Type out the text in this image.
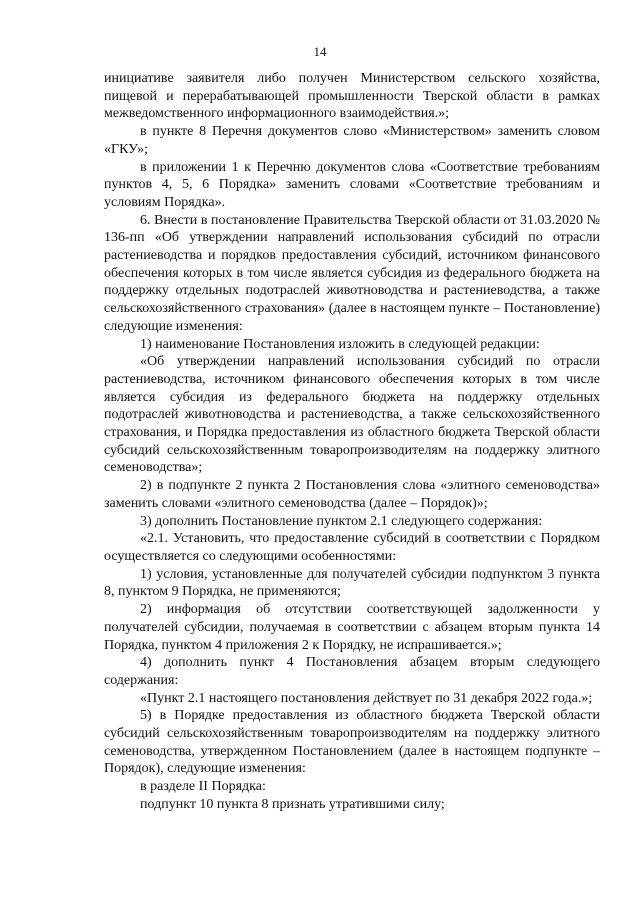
14

инициативе заявителя либо получен Министерством сельского хозяйства, пищевой и перерабатывающей промышленности Тверской области в рамках межведомственного информационного взаимодействия.»;

в пункте 8 Перечня документов слово «Министерством» заменить словом «ГКУ»;

в приложении 1 к Перечню документов слова «Соответствие требованиям пунктов 4, 5, 6 Порядка» заменить словами «Соответствие требованиям и условиям Порядка».

6. Внести в постановление Правительства Тверской области от 31.03.2020 № 136-пп «Об утверждении направлений использования субсидий по отрасли растениеводства и порядков предоставления субсидий, источником финансового обеспечения которых в том числе является субсидия из федерального бюджета на поддержку отдельных подотраслей животноводства и растениеводства, а также сельскохозяйственного страхования» (далее в настоящем пункте – Постановление) следующие изменения:

1) наименование Постановления изложить в следующей редакции:

«Об утверждении направлений использования субсидий по отрасли растениеводства, источником финансового обеспечения которых в том числе является субсидия из федерального бюджета на поддержку отдельных подотраслей животноводства и растениеводства, а также сельскохозяйственного страхования, и Порядка предоставления из областного бюджета Тверской области субсидий сельскохозяйственным товаропроизводителям на поддержку элитного семеноводства»;

2) в подпункте 2 пункта 2 Постановления слова «элитного семеноводства» заменить словами «элитного семеноводства (далее – Порядок)»;

3) дополнить Постановление пунктом 2.1 следующего содержания:

«2.1. Установить, что предоставление субсидий в соответствии с Порядком осуществляется со следующими особенностями:

1) условия, установленные для получателей субсидии подпунктом 3 пункта 8, пунктом 9 Порядка, не применяются;

2) информация об отсутствии соответствующей задолженности у получателей субсидии, получаемая в соответствии с абзацем вторым пункта 14 Порядка, пунктом 4 приложения 2 к Порядку, не испрашивается.»;

4) дополнить пункт 4 Постановления абзацем вторым следующего содержания:

«Пункт 2.1 настоящего постановления действует по 31 декабря 2022 года.»;

5) в Порядке предоставления из областного бюджета Тверской области субсидий сельскохозяйственным товаропроизводителям на поддержку элитного семеноводства, утвержденном Постановлением (далее в настоящем подпункте – Порядок), следующие изменения:

в разделе II Порядка:

подпункт 10 пункта 8 признать утратившими силу;
